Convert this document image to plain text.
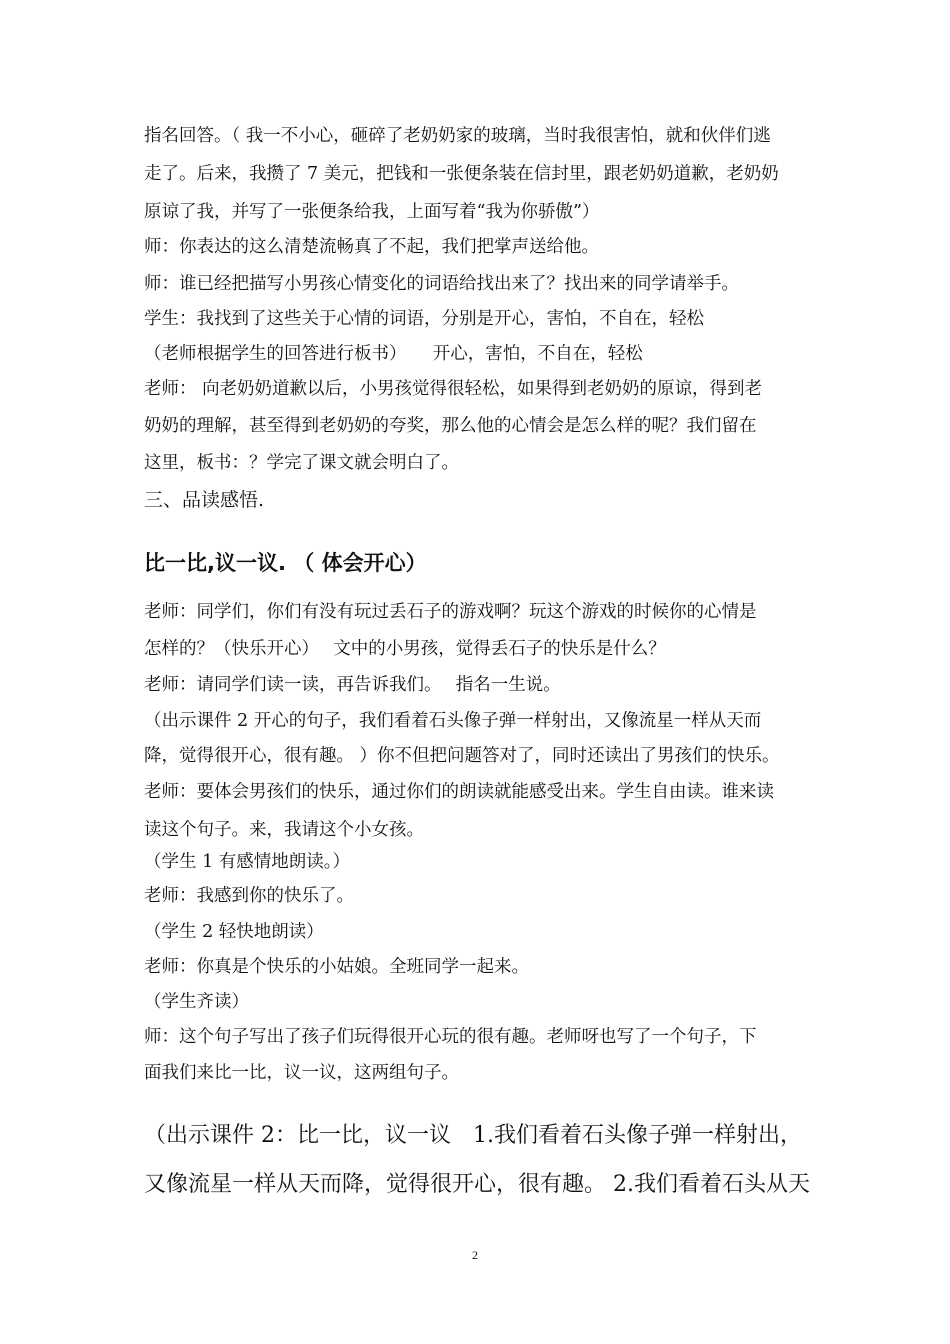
指名回答。（ 我一不小心，砸碎了老奶奶家的玻璃，当时我很害怕，就和伙伴们逃
走了。后来，我攒了 7 美元，把钱和一张便条装在信封里，跟老奶奶道歉，老奶奶
原谅了我，并写了一张便条给我，上面写着“我为你骄傲”）
师：你表达的这么清楚流畅真了不起，我们把掌声送给他。
师：谁已经把描写小男孩心情变化的词语给找出来了？找出来的同学请举手。
学生：我找到了这些关于心情的词语，分别是开心，害怕，不自在，轻松
（老师根据学生的回答进行板书）　　开心，害怕，不自在，轻松
老师： 向老奶奶道歉以后，小男孩觉得很轻松，如果得到老奶奶的原谅，得到老
奶奶的理解，甚至得到老奶奶的夸奖，那么他的心情会是怎么样的呢？我们留在
这里，板书：？学完了课文就会明白了。
三、品读感悟.
比一比,议一议. （ 体会开心）
老师：同学们，你们有没有玩过丢石子的游戏啊？玩这个游戏的时候你的心情是
怎样的？（快乐开心）　 文中的小男孩，觉得丢石子的快乐是什么？
老师：请同学们读一读，再告诉我们。　 指名一生说。
（出示课件 2 开心的句子，我们看着石头像子弹一样射出，又像流星一样从天而
降，觉得很开心，很有趣。 ）你不但把问题答对了，同时还读出了男孩们的快乐。
老师：要体会男孩们的快乐，通过你们的朗读就能感受出来。学生自由读。谁来读
读这个句子。来，我请这个小女孩。
（学生 1 有感情地朗读。）
老师：我感到你的快乐了。
（学生 2 轻快地朗读）
老师：你真是个快乐的小姑娘。全班同学一起来。
（学生齐读）
师：这个句子写出了孩子们玩得很开心玩的很有趣。老师呀也写了一个句子，下
面我们来比一比，议一议，这两组句子。
（出示课件 2：比一比，议一议　1.我们看着石头像子弹一样射出，
又像流星一样从天而降，觉得很开心，很有趣。 2.我们看着石头从天
2
